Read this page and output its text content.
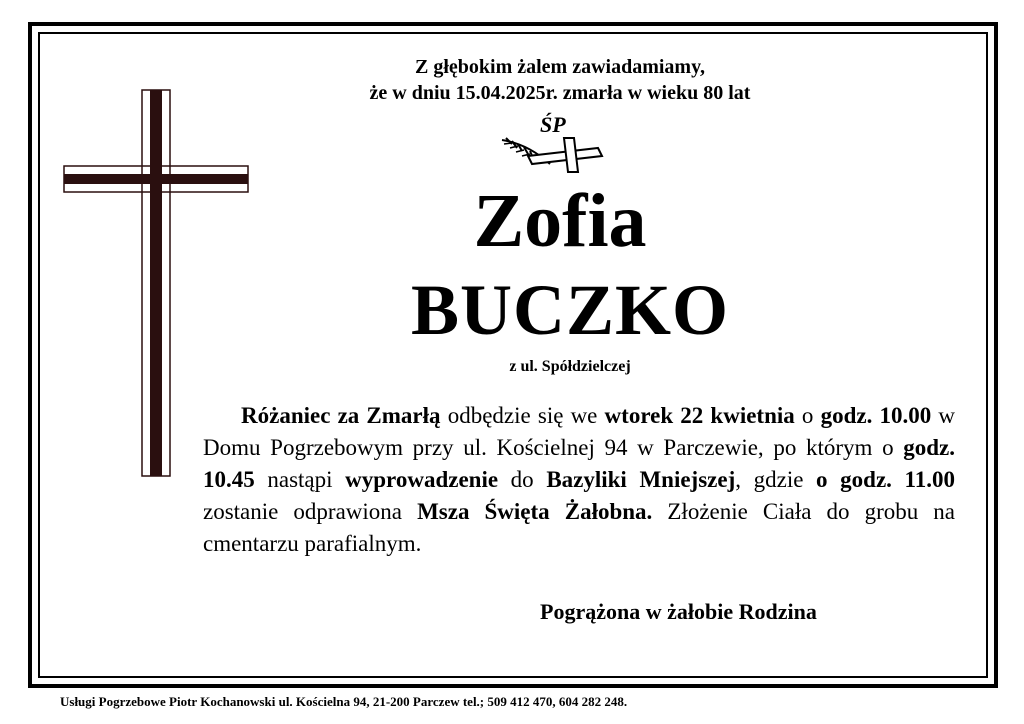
Z głębokim żalem zawiadamiamy,
że w dniu 15.04.2025r. zmarła w wieku 80 lat
ŚP
Zofia
BUCZKO
z ul. Spółdzielczej

Różaniec za Zmarłą odbędzie się we wtorek 22 kwietnia o godz. 10.00 w Domu Pogrzebowym przy ul. Kościelnej 94 w Parczewie, po którym o godz. 10.45 nastąpi wyprowadzenie do Bazyliki Mniejszej, gdzie o godz. 11.00 zostanie odprawiona Msza Święta Żałobna. Złożenie Ciała do grobu na cmentarzu parafialnym.

Pogrążona w żałobie Rodzina
Usługi Pogrzebowe Piotr Kochanowski ul. Kościelna 94, 21-200 Parczew tel.; 509 412 470, 604 282 248.
